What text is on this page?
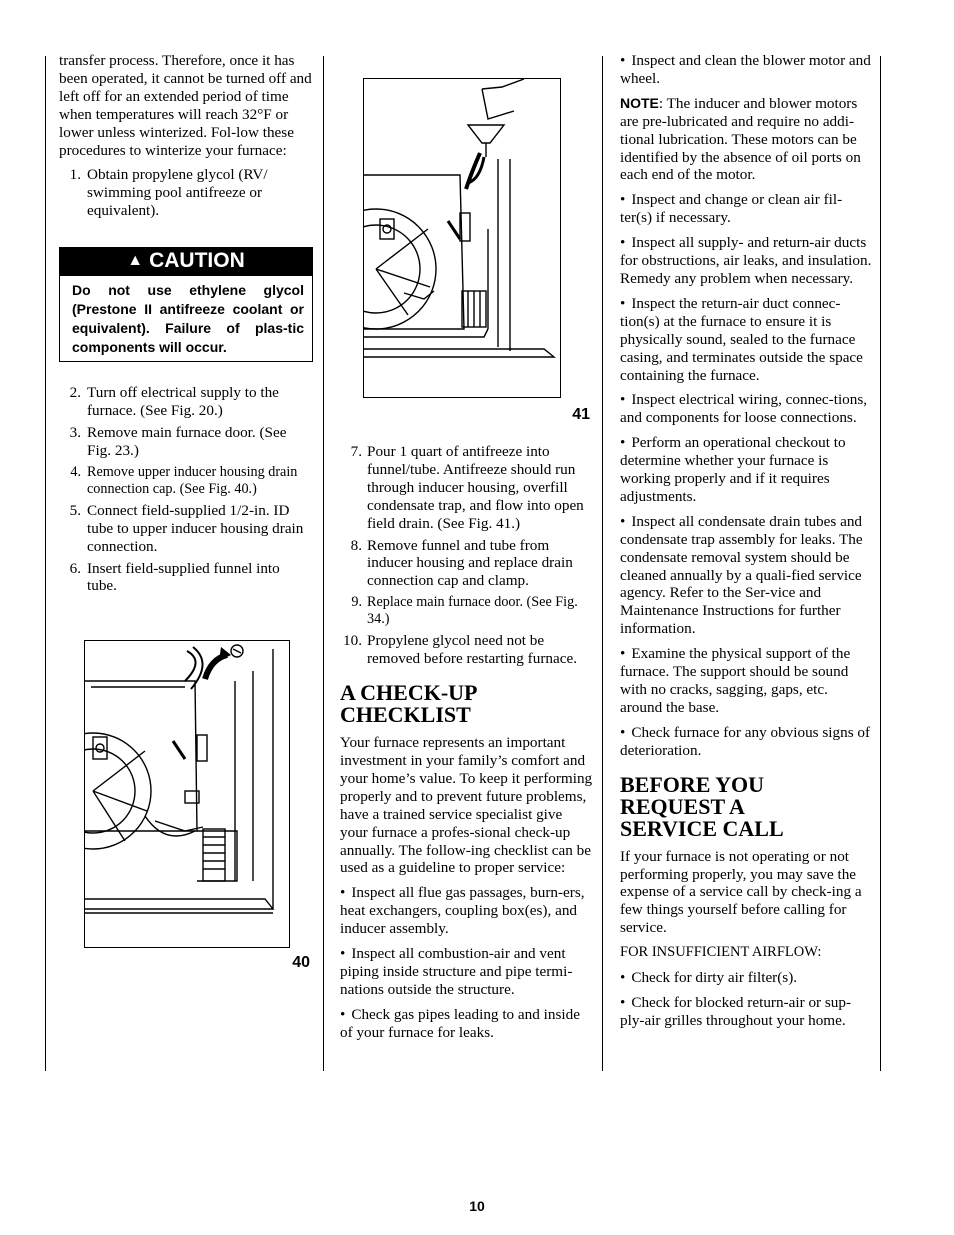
transfer process. Therefore, once it has been operated, it cannot be turned off and left off for an extended period of time when temperatures will reach 32°F or lower unless winterized. Fol-low these procedures to winterize your furnace:

1. Obtain propylene glycol (RV/ swimming pool antifreeze or equivalent).
▲ CAUTION
Do not use ethylene glycol (Prestone II antifreeze coolant or equivalent). Failure of plas-tic components will occur.
2. Turn off electrical supply to the furnace. (See Fig. 20.)
3. Remove main furnace door. (See Fig. 23.)
4. Remove upper inducer housing drain connection cap. (See Fig. 40.)
5. Connect field-supplied 1/2-in. ID tube to upper inducer housing drain connection.
6. Insert field-supplied funnel into tube.
40
41
7. Pour 1 quart of antifreeze into funnel/tube. Antifreeze should run through inducer housing, overfill condensate trap, and flow into open field drain. (See Fig. 41.)
8. Remove funnel and tube from inducer housing and replace drain connection cap and clamp.
9. Replace main furnace door. (See Fig. 34.)
10. Propylene glycol need not be removed before restarting furnace.
A CHECK-UP
CHECKLIST

Your furnace represents an important investment in your family’s comfort and your home’s value. To keep it performing properly and to prevent future problems, have a trained service specialist give your furnace a profes-sional check-up annually. The follow-ing checklist can be used as a guideline to proper service:

• Inspect all flue gas passages, burn-ers, heat exchangers, coupling box(es), and inducer assembly.

• Inspect all combustion-air and vent piping inside structure and pipe termi-nations outside the structure.

• Check gas pipes leading to and inside of your furnace for leaks.

• Inspect and clean the blower motor and wheel.

NOTE: The inducer and blower motors are pre-lubricated and require no addi-tional lubrication. These motors can be identified by the absence of oil ports on each end of the motor.

• Inspect and change or clean air fil-ter(s) if necessary.

• Inspect all supply- and return-air ducts for obstructions, air leaks, and insulation. Remedy any problem when necessary.

• Inspect the return-air duct connec-tion(s) at the furnace to ensure it is physically sound, sealed to the furnace casing, and terminates outside the space containing the furnace.

• Inspect electrical wiring, connec-tions, and components for loose connections.

• Perform an operational checkout to determine whether your furnace is working properly and if it requires adjustments.

• Inspect all condensate drain tubes and condensate trap assembly for leaks. The condensate removal system should be cleaned annually by a quali-fied service agency. Refer to the Ser-vice and Maintenance Instructions for further information.

• Examine the physical support of the furnace. The support should be sound with no cracks, sagging, gaps, etc. around the base.

• Check furnace for any obvious signs of deterioration.

BEFORE YOU
REQUEST A
SERVICE CALL

If your furnace is not operating or not performing properly, you may save the expense of a service call by check-ing a few things yourself before calling for service.

FOR INSUFFICIENT AIRFLOW:

• Check for dirty air filter(s).

• Check for blocked return-air or sup-ply-air grilles throughout your home.

10
